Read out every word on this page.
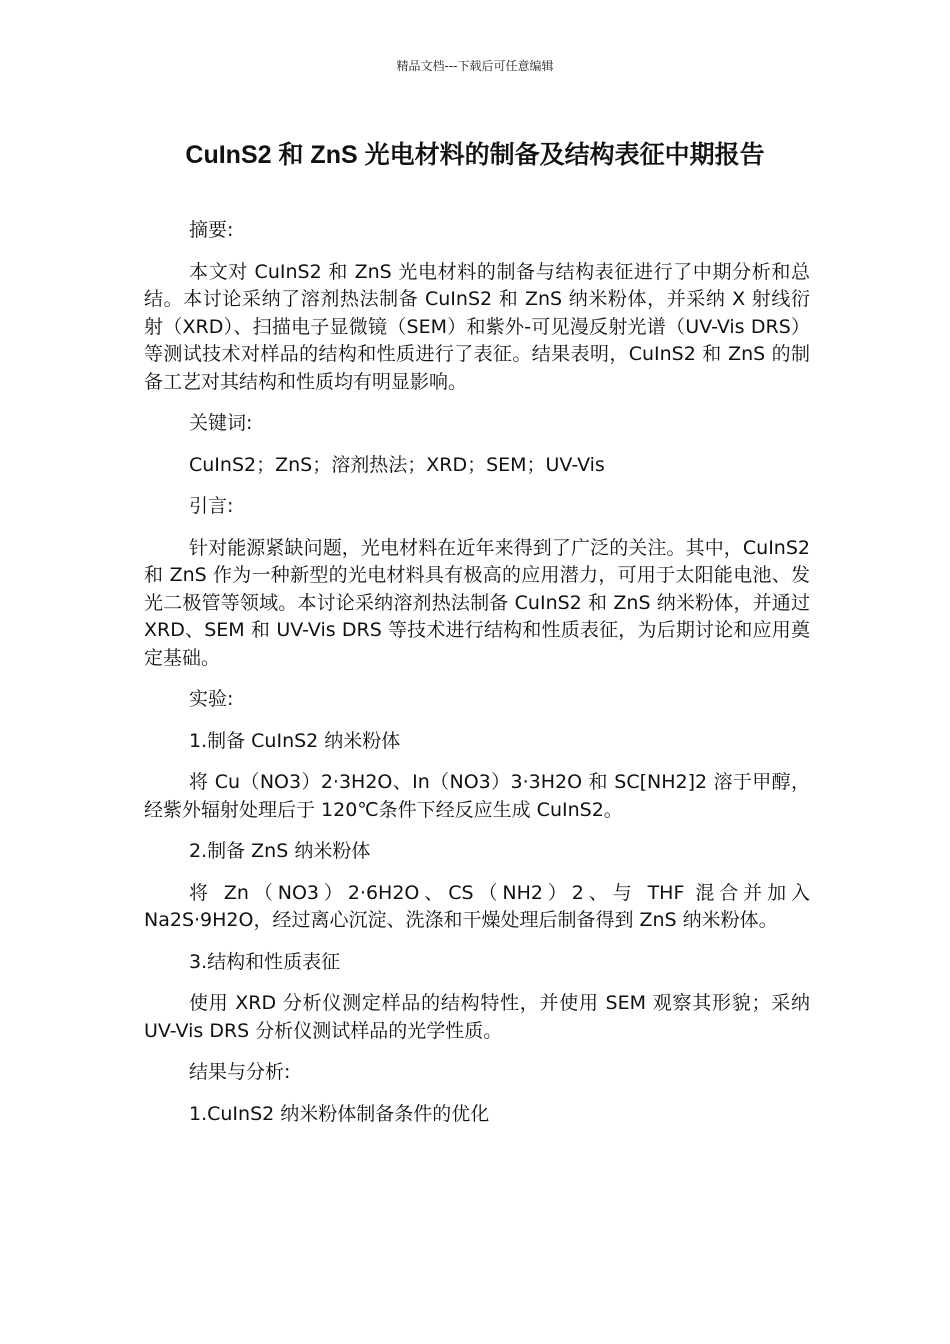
精品文档---下载后可任意编辑
CuInS2 和 ZnS 光电材料的制备及结构表征中期报告

摘要:

本文对 CuInS2 和 ZnS 光电材料的制备与结构表征进行了中期分析和总结。本讨论采纳了溶剂热法制备 CuInS2 和 ZnS 纳米粉体，并采纳 X 射线衍射（XRD）、扫描电子显微镜（SEM）和紫外-可见漫反射光谱（UV-Vis DRS）等测试技术对样品的结构和性质进行了表征。结果表明，CuInS2 和 ZnS 的制备工艺对其结构和性质均有明显影响。

关键词:

CuInS2；ZnS；溶剂热法；XRD；SEM；UV-Vis

引言:

针对能源紧缺问题，光电材料在近年来得到了广泛的关注。其中，CuInS2 和 ZnS 作为一种新型的光电材料具有极高的应用潜力，可用于太阳能电池、发光二极管等领域。本讨论采纳溶剂热法制备 CuInS2 和 ZnS 纳米粉体，并通过 XRD、SEM 和 UV-Vis DRS 等技术进行结构和性质表征，为后期讨论和应用奠定基础。

实验:

1.制备 CuInS2 纳米粉体

将 Cu（NO3）2·3H2O、In（NO3）3·3H2O 和 SC[NH2]2 溶于甲醇，经紫外辐射处理后于 120℃条件下经反应生成 CuInS2。

2.制备 ZnS 纳米粉体

将 Zn（NO3）2·6H2O、CS（NH2）2、与 THF 混合并加入 Na2S·9H2O，经过离心沉淀、洗涤和干燥处理后制备得到 ZnS 纳米粉体。

3.结构和性质表征

使用 XRD 分析仪测定样品的结构特性，并使用 SEM 观察其形貌；采纳 UV-Vis DRS 分析仪测试样品的光学性质。

结果与分析:

1.CuInS2 纳米粉体制备条件的优化
